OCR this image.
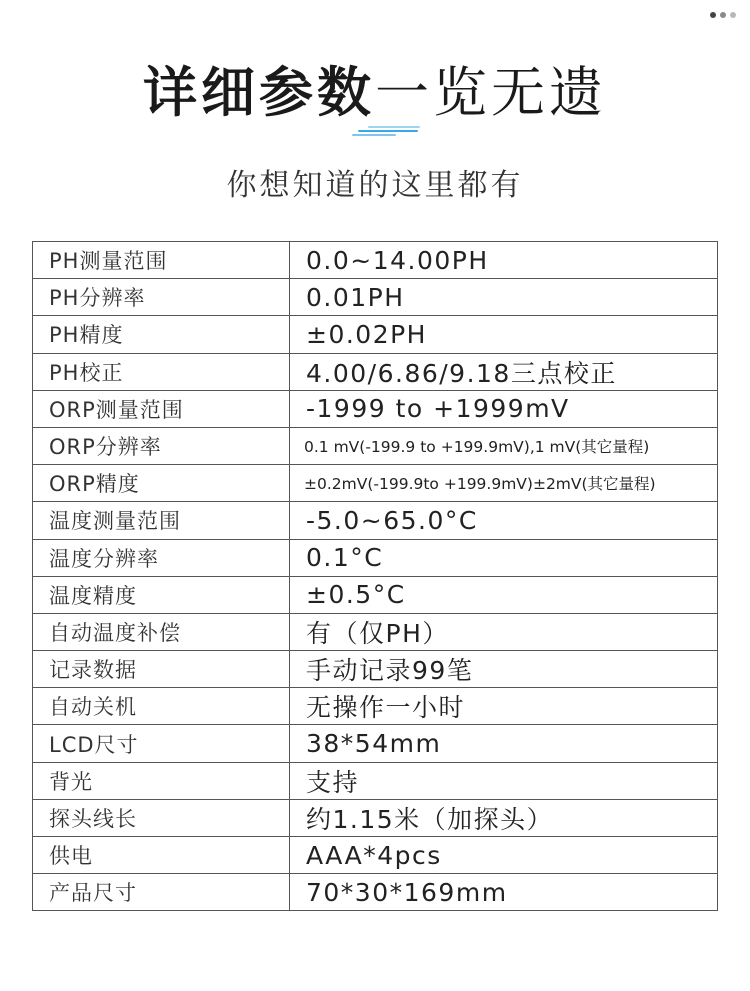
详细参数一览无遗
你想知道的这里都有
PH测量范围	0.0~14.00PH
PH分辨率	0.01PH
PH精度	±0.02PH
PH校正	4.00/6.86/9.18三点校正
ORP测量范围	-1999 to +1999mV
ORP分辨率	0.1 mV(-199.9 to +199.9mV),1 mV(其它量程)
ORP精度	±0.2mV(-199.9to +199.9mV)±2mV(其它量程)
温度测量范围	-5.0~65.0°C
温度分辨率	0.1°C
温度精度	±0.5°C
自动温度补偿	有（仅PH）
记录数据	手动记录99笔
自动关机	无操作一小时
LCD尺寸	38*54mm
背光	支持
探头线长	约1.15米（加探头）
供电	AAA*4pcs
产品尺寸	70*30*169mm
